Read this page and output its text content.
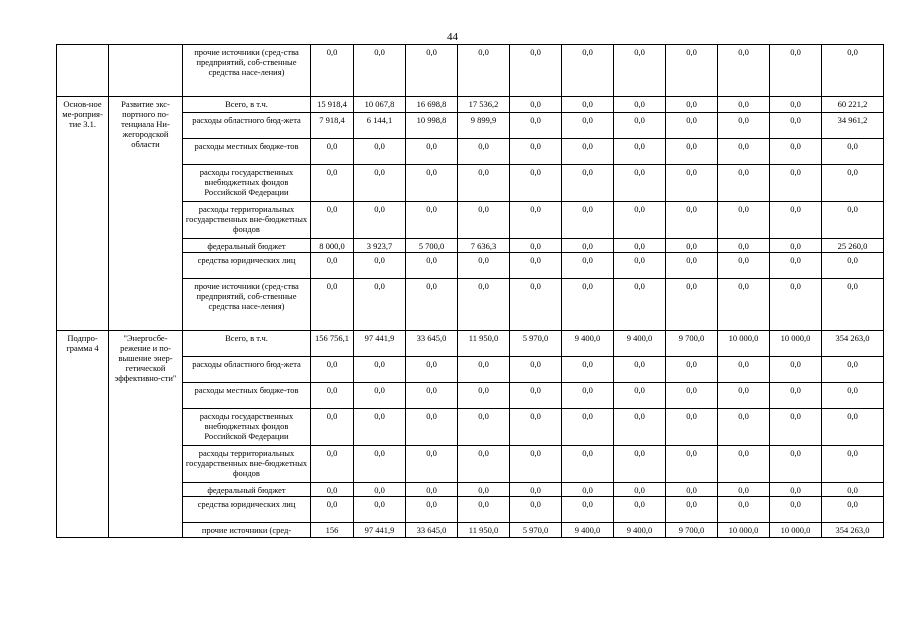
44
		прочие источники (сред-ства предприятий, соб-ственные средства насе-ления)	0,0	0,0	0,0	0,0	0,0	0,0	0,0	0,0	0,0	0,0	0,0
Основ-ное ме-роприя-тие 3.1.	Развитие экс-портного по-тенциала Ни-жегородской области	Всего, в т.ч.	15 918,4	10 067,8	16 698,8	17 536,2	0,0	0,0	0,0	0,0	0,0	0,0	60 221,2
		расходы областного бюд-жета	7 918,4	6 144,1	10 998,8	9 899,9	0,0	0,0	0,0	0,0	0,0	0,0	34 961,2
		расходы местных бюдже-тов	0,0	0,0	0,0	0,0	0,0	0,0	0,0	0,0	0,0	0,0	0,0
		расходы государственных внебюджетных фондов Российской Федерации	0,0	0,0	0,0	0,0	0,0	0,0	0,0	0,0	0,0	0,0	0,0
		расходы территориальных государственных вне-бюджетных фондов	0,0	0,0	0,0	0,0	0,0	0,0	0,0	0,0	0,0	0,0	0,0
		федеральный бюджет	8 000,0	3 923,7	5 700,0	7 636,3	0,0	0,0	0,0	0,0	0,0	0,0	25 260,0
		средства юридических лиц	0,0	0,0	0,0	0,0	0,0	0,0	0,0	0,0	0,0	0,0	0,0
		прочие источники (сред-ства предприятий, соб-ственные средства насе-ления)	0,0	0,0	0,0	0,0	0,0	0,0	0,0	0,0	0,0	0,0	0,0
Подпро-грамма 4	"Энергосбе-режение и по-вышение энер-гетической эффективно-сти"	Всего, в т.ч.	156 756,1	97 441,9	33 645,0	11 950,0	5 970,0	9 400,0	9 400,0	9 700,0	10 000,0	10 000,0	354 263,0
		расходы областного бюд-жета	0,0	0,0	0,0	0,0	0,0	0,0	0,0	0,0	0,0	0,0	0,0
		расходы местных бюдже-тов	0,0	0,0	0,0	0,0	0,0	0,0	0,0	0,0	0,0	0,0	0,0
		расходы государственных внебюджетных фондов Российской Федерации	0,0	0,0	0,0	0,0	0,0	0,0	0,0	0,0	0,0	0,0	0,0
		расходы территориальных государственных вне-бюджетных фондов	0,0	0,0	0,0	0,0	0,0	0,0	0,0	0,0	0,0	0,0	0,0
		федеральный бюджет	0,0	0,0	0,0	0,0	0,0	0,0	0,0	0,0	0,0	0,0	0,0
		средства юридических лиц	0,0	0,0	0,0	0,0	0,0	0,0	0,0	0,0	0,0	0,0	0,0
		прочие источники (сред-	156	97 441,9	33 645,0	11 950,0	5 970,0	9 400,0	9 400,0	9 700,0	10 000,0	10 000,0	354 263,0
